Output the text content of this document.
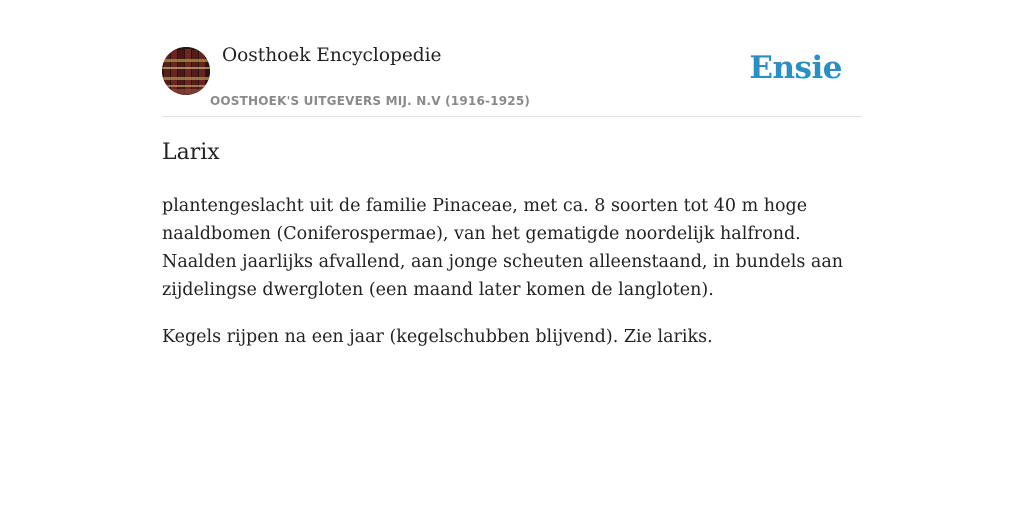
Oosthoek Encyclopedie
OOSTHOEK'S UITGEVERS MIJ. N.V (1916-1925)
Ensie
Larix

plantengeslacht uit de familie Pinaceae, met ca. 8 soorten tot 40 m hoge naaldbomen (Coniferospermae), van het gematigde noordelijk halfrond. Naalden jaarlijks afvallend, aan jonge scheuten alleenstaand, in bundels aan zijdelingse dwergloten (een maand later komen de langloten).

Kegels rijpen na een jaar (kegelschubben blijvend). Zie lariks.
